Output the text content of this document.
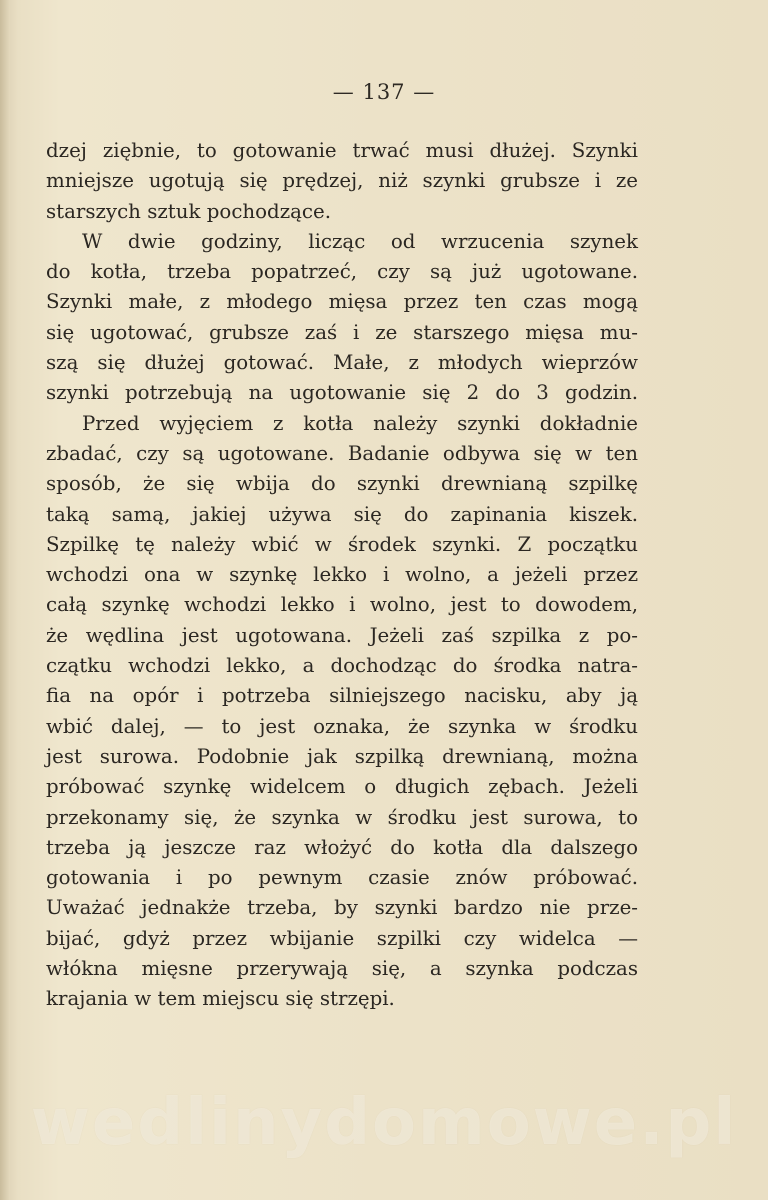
— 137 —
dzej ziębnie, to gotowanie trwać musi dłużej. Szynki
mniejsze ugotują się prędzej, niż szynki grubsze i ze
starszych sztuk pochodzące.
W dwie godziny, licząc od wrzucenia szynek
do kotła, trzeba popatrzeć, czy są już ugotowane.
Szynki małe, z młodego mięsa przez ten czas mogą
się ugotować, grubsze zaś i ze starszego mięsa mu-
szą się dłużej gotować. Małe, z młodych wieprzów
szynki potrzebują na ugotowanie się 2 do 3 godzin.
Przed wyjęciem z kotła należy szynki dokładnie
zbadać, czy są ugotowane. Badanie odbywa się w ten
sposób, że się wbija do szynki drewnianą szpilkę
taką samą, jakiej używa się do zapinania kiszek.
Szpilkę tę należy wbić w środek szynki. Z początku
wchodzi ona w szynkę lekko i wolno, a jeżeli przez
całą szynkę wchodzi lekko i wolno, jest to dowodem,
że wędlina jest ugotowana. Jeżeli zaś szpilka z po-
czątku wchodzi lekko, a dochodząc do środka natra-
fia na opór i potrzeba silniejszego nacisku, aby ją
wbić dalej, — to jest oznaka, że szynka w środku
jest surowa. Podobnie jak szpilką drewnianą, można
próbować szynkę widelcem o długich zębach. Jeżeli
przekonamy się, że szynka w środku jest surowa, to
trzeba ją jeszcze raz włożyć do kotła dla dalszego
gotowania i po pewnym czasie znów próbować.
Uważać jednakże trzeba, by szynki bardzo nie prze-
bijać, gdyż przez wbijanie szpilki czy widelca —
włókna mięsne przerywają się, a szynka podczas
krajania w tem miejscu się strzępi.
wedlinydomowe.pl
